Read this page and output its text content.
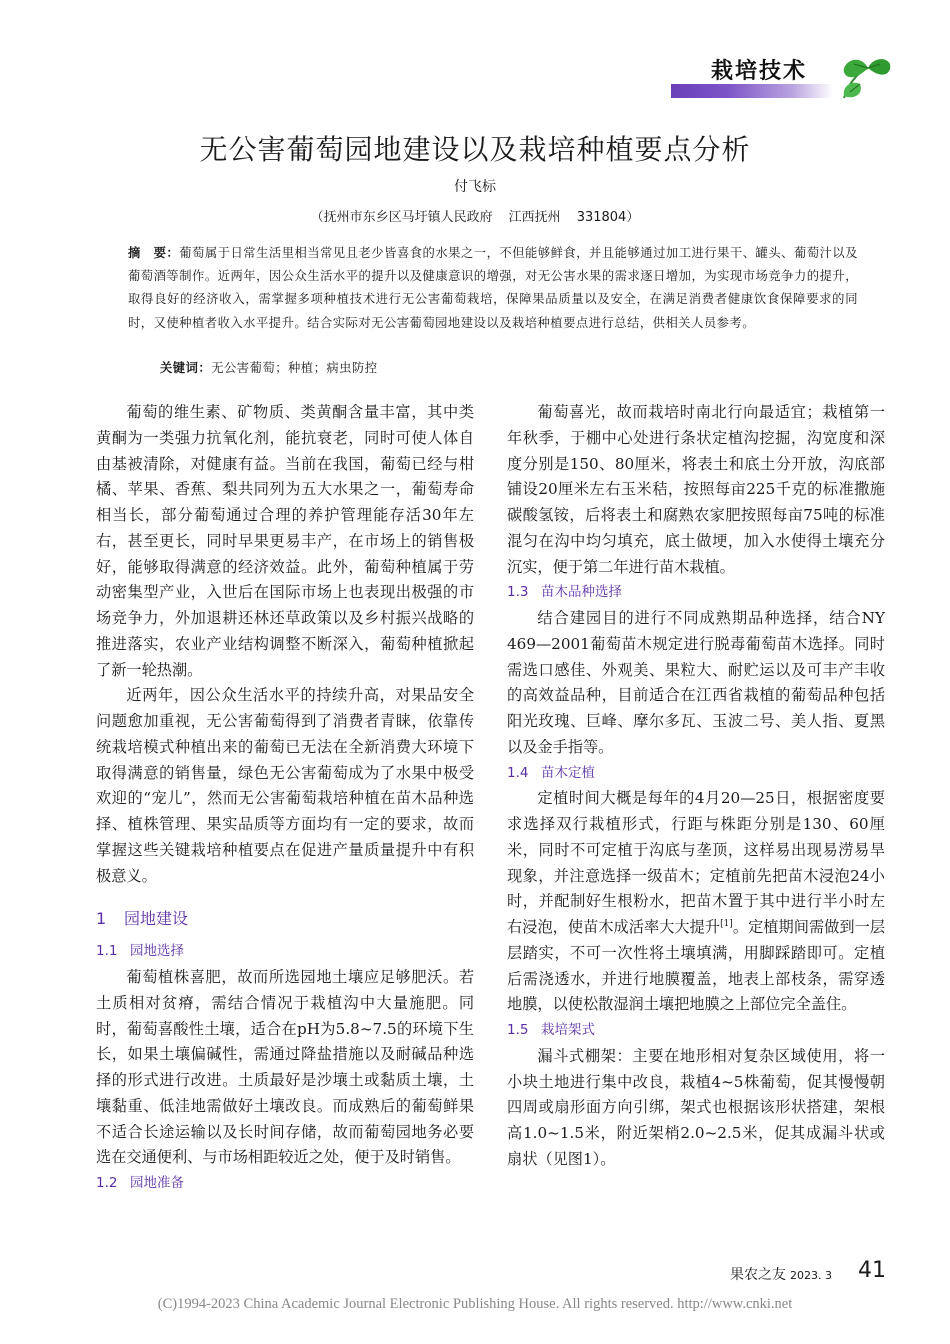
栽培技术
无公害葡萄园地建设以及栽培种植要点分析
付飞标
（抚州市东乡区马圩镇人民政府 江西抚州 331804）
摘　要：葡萄属于日常生活里相当常见且老少皆喜食的水果之一，不但能够鲜食，并且能够通过加工进行果干、罐头、葡萄汁以及葡萄酒等制作。近两年，因公众生活水平的提升以及健康意识的增强，对无公害水果的需求逐日增加，为实现市场竞争力的提升，取得良好的经济收入，需掌握多项种植技术进行无公害葡萄栽培，保障果品质量以及安全，在满足消费者健康饮食保障要求的同时，又使种植者收入水平提升。结合实际对无公害葡萄园地建设以及栽培种植要点进行总结，供相关人员参考。
关键词：无公害葡萄；种植；病虫防控

葡萄的维生素、矿物质、类黄酮含量丰富，其中类黄酮为一类强力抗氧化剂，能抗衰老，同时可使人体自由基被清除，对健康有益。当前在我国，葡萄已经与柑橘、苹果、香蕉、梨共同列为五大水果之一，葡萄寿命相当长，部分葡萄通过合理的养护管理能存活30年左右，甚至更长，同时早果更易丰产，在市场上的销售极好，能够取得满意的经济效益。此外，葡萄种植属于劳动密集型产业，入世后在国际市场上也表现出极强的市场竞争力，外加退耕还林还草政策以及乡村振兴战略的推进落实，农业产业结构调整不断深入，葡萄种植掀起了新一轮热潮。

近两年，因公众生活水平的持续升高，对果品安全问题愈加重视，无公害葡萄得到了消费者青睐，依靠传统栽培模式种植出来的葡萄已无法在全新消费大环境下取得满意的销售量，绿色无公害葡萄成为了水果中极受欢迎的“宠儿”，然而无公害葡萄栽培种植在苗木品种选择、植株管理、果实品质等方面均有一定的要求，故而掌握这些关键栽培种植要点在促进产量质量提升中有积极意义。

1 园地建设
1.1 园地选择

葡萄植株喜肥，故而所选园地土壤应足够肥沃。若土质相对贫瘠，需结合情况于栽植沟中大量施肥。同时，葡萄喜酸性土壤，适合在pH为5.8~7.5的环境下生长，如果土壤偏碱性，需通过降盐措施以及耐碱品种选择的形式进行改进。土质最好是沙壤土或黏质土壤，土壤黏重、低洼地需做好土壤改良。而成熟后的葡萄鲜果不适合长途运输以及长时间存储，故而葡萄园地务必要选在交通便利、与市场相距较近之处，便于及时销售。

1.2 园地准备

葡萄喜光，故而栽培时南北行向最适宜；栽植第一年秋季，于棚中心处进行条状定植沟挖掘，沟宽度和深度分别是150、80厘米，将表土和底土分开放，沟底部铺设20厘米左右玉米秸，按照每亩225千克的标准撒施碳酸氢铵，后将表土和腐熟农家肥按照每亩75吨的标准混匀在沟中均匀填充，底土做埂，加入水使得土壤充分沉实，便于第二年进行苗木栽植。

1.3 苗木品种选择

结合建园目的进行不同成熟期品种选择，结合NY 469—2001葡萄苗木规定进行脱毒葡萄苗木选择。同时需选口感佳、外观美、果粒大、耐贮运以及可丰产丰收的高效益品种，目前适合在江西省栽植的葡萄品种包括阳光玫瑰、巨峰、摩尔多瓦、玉波二号、美人指、夏黑以及金手指等。

1.4 苗木定植

定植时间大概是每年的4月20—25日，根据密度要求选择双行栽植形式，行距与株距分别是130、60厘米，同时不可定植于沟底与垄顶，这样易出现易涝易旱现象，并注意选择一级苗木；定植前先把苗木浸泡24小时，并配制好生根粉水，把苗木置于其中进行半小时左右浸泡，使苗木成活率大大提升[1]。定植期间需做到一层层踏实，不可一次性将土壤填满，用脚踩踏即可。定植后需浇透水，并进行地膜覆盖，地表上部枝条，需穿透地膜，以使松散湿润土壤把地膜之上部位完全盖住。

1.5 栽培架式

漏斗式棚架：主要在地形相对复杂区域使用，将一小块土地进行集中改良，栽植4~5株葡萄，促其慢慢朝四周或扇形面方向引绑，架式也根据该形状搭建，架根高1.0~1.5米，附近架梢2.0~2.5米，促其成漏斗状或扇状（见图1）。

果农之友 2023. 3 41
(C)1994-2023 China Academic Journal Electronic Publishing House. All rights reserved. http://www.cnki.net
